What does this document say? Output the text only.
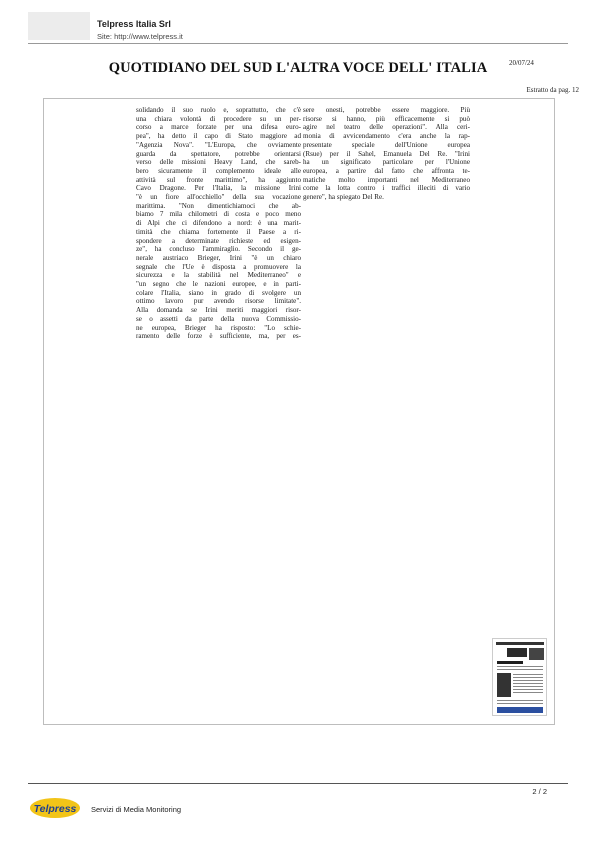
Telpress Italia Srl
Site: http://www.telpress.it
QUOTIDIANO DEL SUD L'ALTRA VOCE DELL' ITALIA	20/07/24
Estratto da pag. 12
solidando il suo ruolo e, soprattutto, che c'è
una chiara volontà di procedere su un per-
corso a marce forzate per una difesa euro-
pea", ha detto il capo di Stato maggiore ad
"Agenzia Nova". "L'Europa, che ovviamente
guarda da spettatore, potrebbe orientarsi
verso delle missioni Heavy Land, che sareb-
bero sicuramente il complemento ideale alle
attività sul fronte marittimo", ha aggiunto
Cavo Dragone. Per l'Italia, la missione Irini
"è un fiore all'occhiello" della sua vocazione
marittima. "Non dimentichiamoci che ab-
biamo 7 mila chilometri di costa e poco meno
di Alpi che ci difendono a nord: è una marit-
timità che chiama fortemente il Paese a ri-
spondere a determinate richieste ed esigen-
ze", ha concluso l'ammiraglio. Secondo il ge-
nerale austriaco Brieger, Irini "è un chiaro
segnale che l'Ue è disposta a promuovere la
sicurezza e la stabilità nel Mediterraneo" e
"un segno che le nazioni europee, e in parti-
colare l'Italia, siano in grado di svolgere un
ottimo lavoro pur avendo risorse limitate".
Alla domanda se Irini meriti maggiori risor-
se o assetti da parte della nuova Commissio-
ne europea, Brieger ha risposto: "Lo schie-
ramento delle forze è sufficiente, ma, per es-
sere onesti, potrebbe essere maggiore. Più
risorse si hanno, più efficacemente si può
agire nel teatro delle operazioni". Alla ceri-
monia di avvicendamento c'era anche la rap-
presentate speciale dell'Unione europea
(Rsue) per il Sahel, Emanuela Del Re. "Irini
ha un significato particolare per l'Unione
europea, a partire dal fatto che affronta te-
matiche molto importanti nel Mediterraneo
come la lotta contro i traffici illeciti di vario
genere", ha spiegato Del Re.
2 / 2
Telpress Servizi di Media Monitoring
